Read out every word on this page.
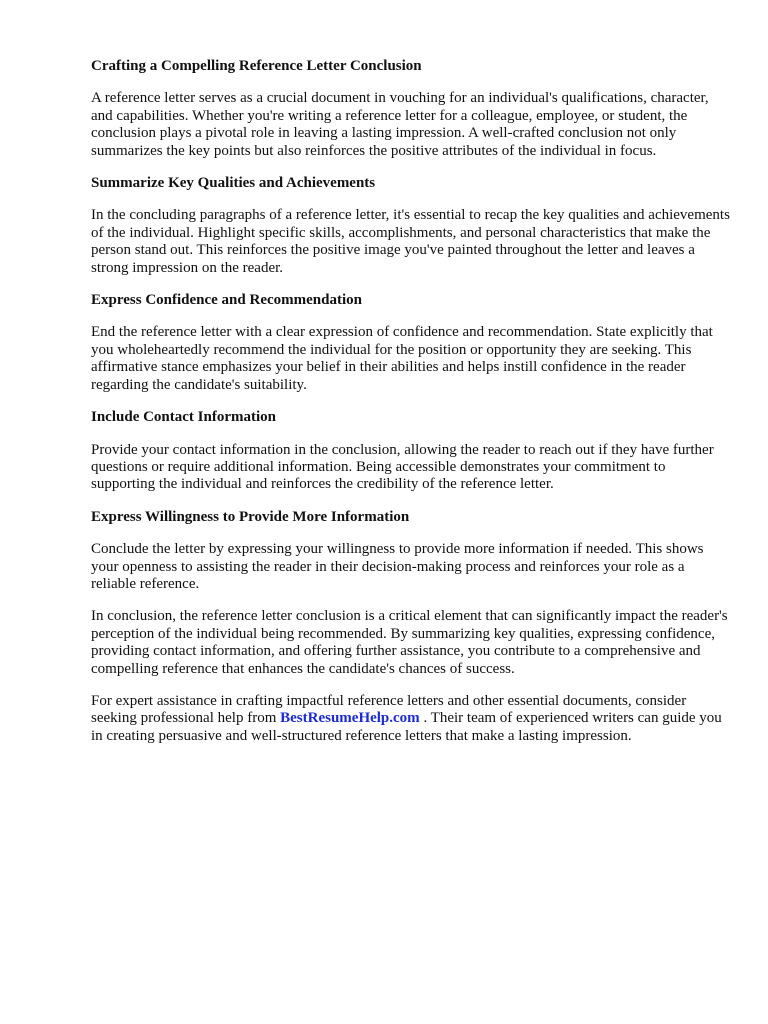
Crafting a Compelling Reference Letter Conclusion
A reference letter serves as a crucial document in vouching for an individual's qualifications, character, and capabilities. Whether you're writing a reference letter for a colleague, employee, or student, the conclusion plays a pivotal role in leaving a lasting impression. A well-crafted conclusion not only summarizes the key points but also reinforces the positive attributes of the individual in focus.
Summarize Key Qualities and Achievements
In the concluding paragraphs of a reference letter, it's essential to recap the key qualities and achievements of the individual. Highlight specific skills, accomplishments, and personal characteristics that make the person stand out. This reinforces the positive image you've painted throughout the letter and leaves a strong impression on the reader.
Express Confidence and Recommendation
End the reference letter with a clear expression of confidence and recommendation. State explicitly that you wholeheartedly recommend the individual for the position or opportunity they are seeking. This affirmative stance emphasizes your belief in their abilities and helps instill confidence in the reader regarding the candidate's suitability.
Include Contact Information
Provide your contact information in the conclusion, allowing the reader to reach out if they have further questions or require additional information. Being accessible demonstrates your commitment to supporting the individual and reinforces the credibility of the reference letter.
Express Willingness to Provide More Information
Conclude the letter by expressing your willingness to provide more information if needed. This shows your openness to assisting the reader in their decision-making process and reinforces your role as a reliable reference.
In conclusion, the reference letter conclusion is a critical element that can significantly impact the reader's perception of the individual being recommended. By summarizing key qualities, expressing confidence, providing contact information, and offering further assistance, you contribute to a comprehensive and compelling reference that enhances the candidate's chances of success.
For expert assistance in crafting impactful reference letters and other essential documents, consider seeking professional help from BestResumeHelp.com . Their team of experienced writers can guide you in creating persuasive and well-structured reference letters that make a lasting impression.
